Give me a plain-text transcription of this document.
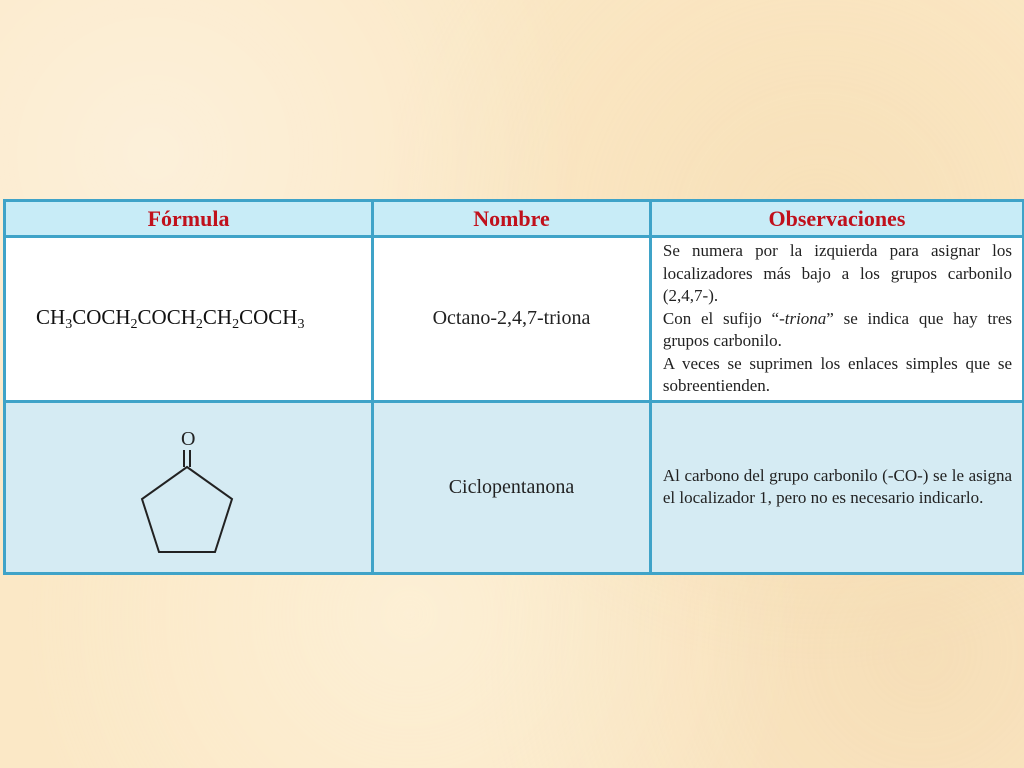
Fórmula	Nombre	Observaciones

$CH_3COCH_2COCH_2CH_2COCH_3$	Octano-2,4,7-triona	Se numera por la izquierda para asignar los localizadores más bajo a los grupos carbonilo (2,4,7-).
Con el sufijo “-triona” se indica que hay tres grupos carbonilo.
A veces se suprimen los enlaces simples que se sobreentienden.

O	Ciclopentanona	Al carbono del grupo carbonilo (-CO-) se le asigna el localizador 1, pero no es necesario indicarlo.
